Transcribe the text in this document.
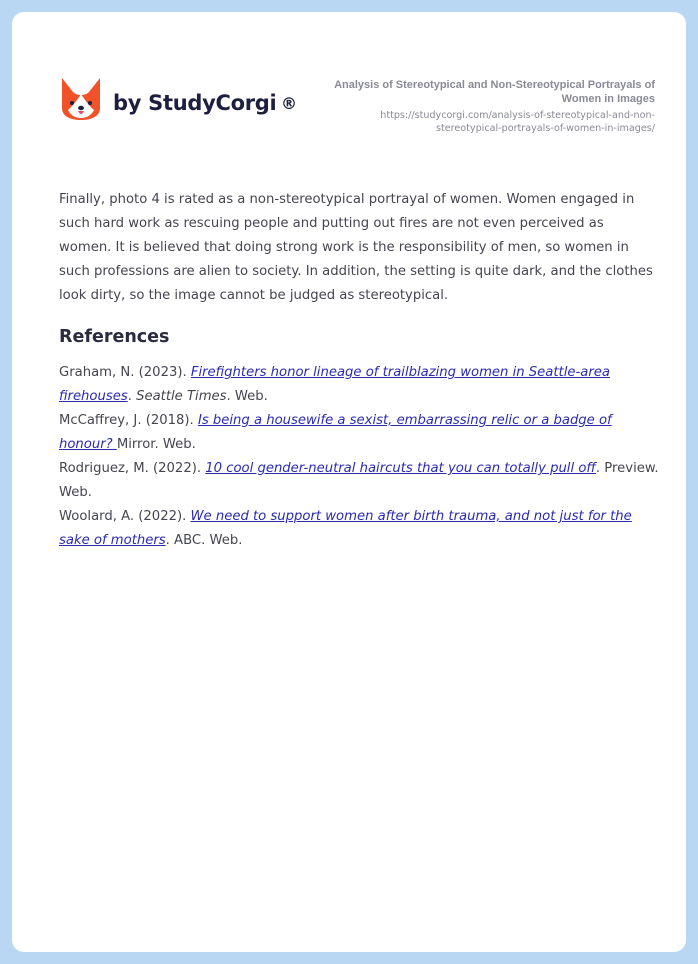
by StudyCorgi ®
Analysis of Stereotypical and Non-Stereotypical Portrayals of Women in Images
https://studycorgi.com/analysis-of-stereotypical-and-non-stereotypical-portrayals-of-women-in-images/

Finally, photo 4 is rated as a non-stereotypical portrayal of women. Women engaged in such hard work as rescuing people and putting out fires are not even perceived as women. It is believed that doing strong work is the responsibility of men, so women in such professions are alien to society. In addition, the setting is quite dark, and the clothes look dirty, so the image cannot be judged as stereotypical.

References

Graham, N. (2023). Firefighters honor lineage of trailblazing women in Seattle-area firehouses. Seattle Times. Web.

McCaffrey, J. (2018). Is being a housewife a sexist, embarrassing relic or a badge of honour? Mirror. Web.

Rodriguez, M. (2022). 10 cool gender-neutral haircuts that you can totally pull off. Preview. Web.

Woolard, A. (2022). We need to support women after birth trauma, and not just for the sake of mothers. ABC. Web.
